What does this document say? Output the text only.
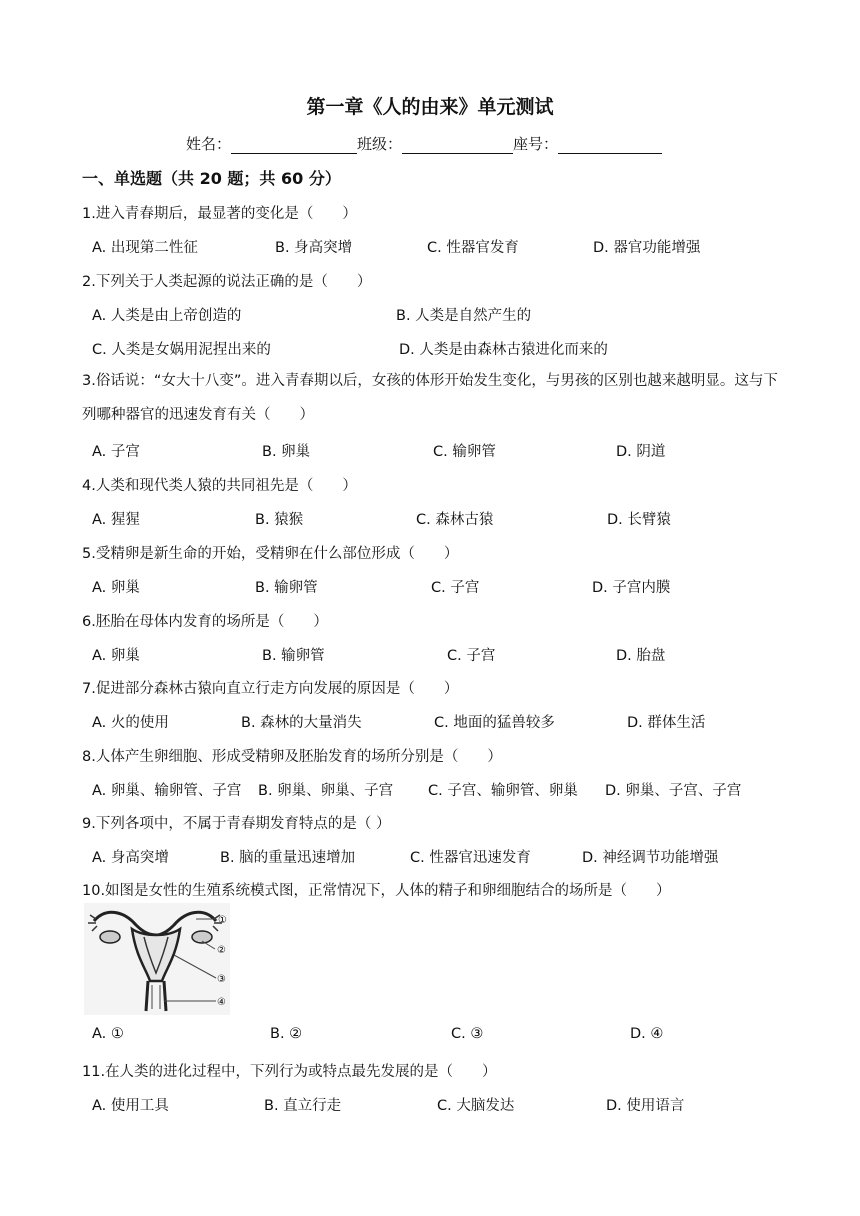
第一章《人的由来》单元测试
姓名：	班级：	座号：
一、单选题（共 20 题；共 60 分）
1.进入青春期后，最显著的变化是（　　）
A. 出现第二性征	B. 身高突增	C. 性器官发育	D. 器官功能增强
2.下列关于人类起源的说法正确的是（　　）
A. 人类是由上帝创造的	B. 人类是自然产生的
C. 人类是女娲用泥捏出来的	D. 人类是由森林古猿进化而来的
3.俗话说：“女大十八变”。进入青春期以后，女孩的体形开始发生变化，与男孩的区别也越来越明显。这与下列哪种器官的迅速发育有关（　　）
A. 子宫	B. 卵巢	C. 输卵管	D. 阴道
4.人类和现代类人猿的共同祖先是（　　）
A. 猩猩	B. 猿猴	C. 森林古猿	D. 长臂猿
5.受精卵是新生命的开始，受精卵在什么部位形成（　　）
A. 卵巢	B. 输卵管	C. 子宫	D. 子宫内膜
6.胚胎在母体内发育的场所是（　　）
A. 卵巢	B. 输卵管	C. 子宫	D. 胎盘
7.促进部分森林古猿向直立行走方向发展的原因是（　　）
A. 火的使用	B. 森林的大量消失	C. 地面的猛兽较多	D. 群体生活
8.人体产生卵细胞、形成受精卵及胚胎发育的场所分别是（　　）
A. 卵巢、输卵管、子宫 B. 卵巢、卵巢、子宫 C. 子宫、输卵管、卵巢 D. 卵巢、子宫、子宫
9.下列各项中，不属于青春期发育特点的是（ ）
A. 身高突增	B. 脑的重量迅速增加	C. 性器官迅速发育	D. 神经调节功能增强
10.如图是女性的生殖系统模式图，正常情况下，人体的精子和卵细胞结合的场所是（　　）
①
②
③
④
A. ①	B. ②	C. ③	D. ④
11.在人类的进化过程中，下列行为或特点最先发展的是（　　）
A. 使用工具	B. 直立行走	C. 大脑发达	D. 使用语言
